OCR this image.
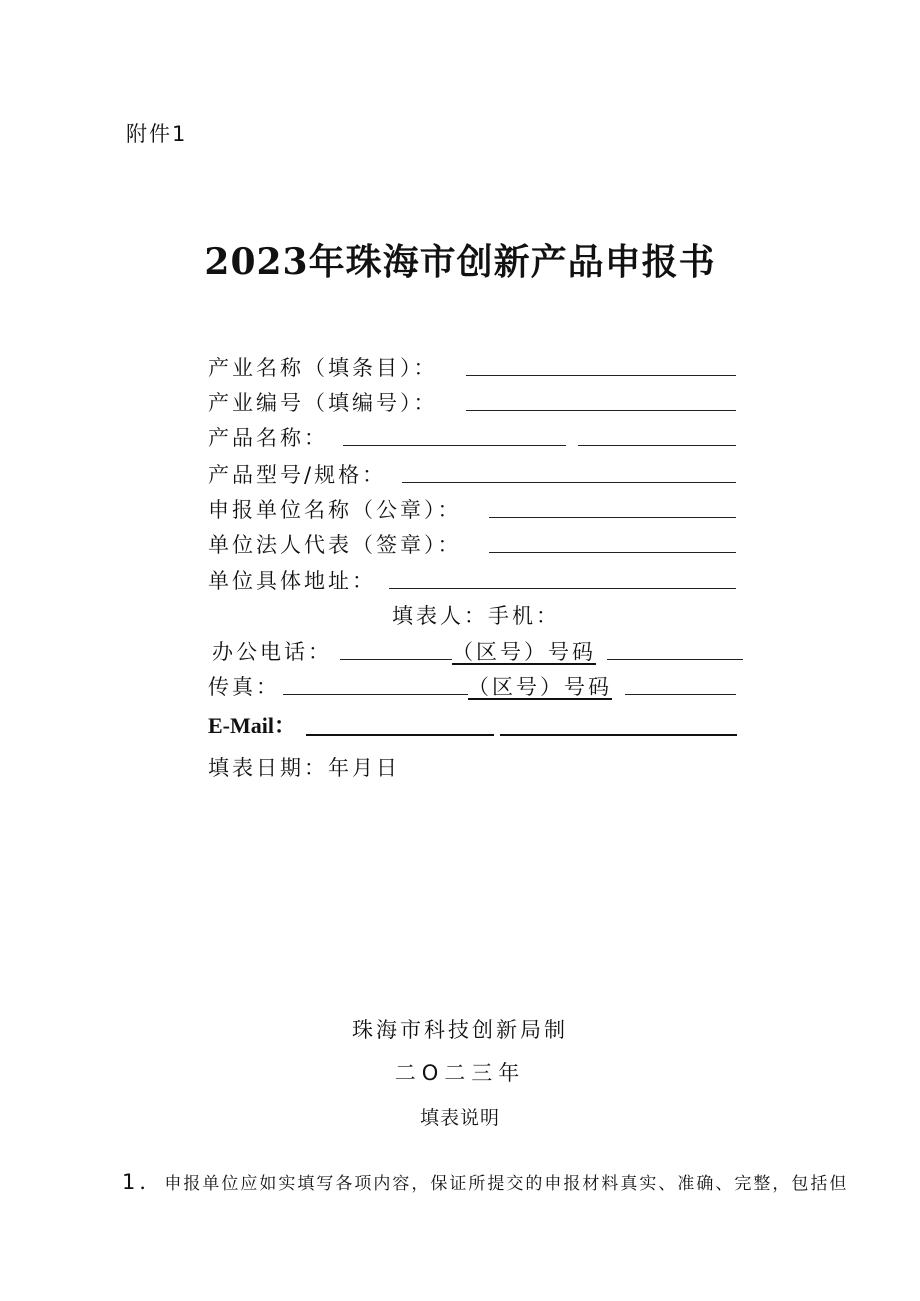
附件1
2023年珠海市创新产品申报书
产业名称（填条目）：
产业编号（填编号）：
产品名称：
产品型号/规格：
申报单位名称（公章）：
单位法人代表（签章）：
单位具体地址：
填表人：手机：
办公电话：	（区号）号码
传真：	（区号）号码
E-Mail：
填表日期：年月日
珠海市科技创新局制
二O二三年
填表说明
1．申报单位应如实填写各项内容，保证所提交的申报材料真实、准确、完整，包括但
